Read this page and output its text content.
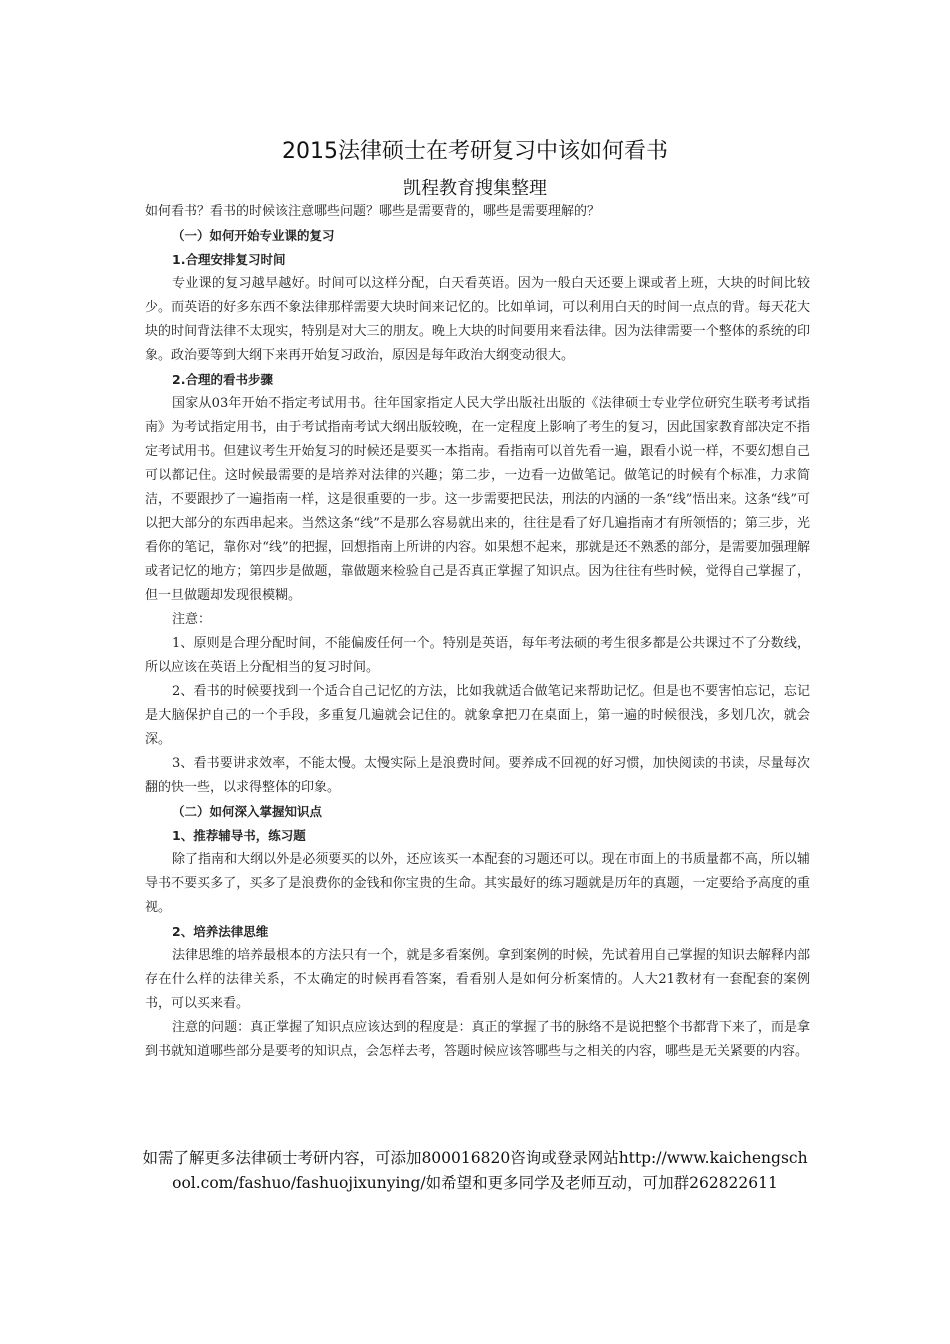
2015法律硕士在考研复习中该如何看书
凯程教育搜集整理

如何看书？看书的时候该注意哪些问题？哪些是需要背的，哪些是需要理解的？

（一）如何开始专业课的复习

1.合理安排复习时间

专业课的复习越早越好。时间可以这样分配，白天看英语。因为一般白天还要上课或者上班，大块的时间比较少。而英语的好多东西不象法律那样需要大块时间来记忆的。比如单词，可以利用白天的时间一点点的背。每天花大块的时间背法律不太现实，特别是对大三的朋友。晚上大块的时间要用来看法律。因为法律需要一个整体的系统的印象。政治要等到大纲下来再开始复习政治，原因是每年政治大纲变动很大。

2.合理的看书步骤

国家从03年开始不指定考试用书。往年国家指定人民大学出版社出版的《法律硕士专业学位研究生联考考试指南》为考试指定用书，由于考试指南考试大纲出版较晚，在一定程度上影响了考生的复习，因此国家教育部决定不指定考试用书。但建议考生开始复习的时候还是要买一本指南。看指南可以首先看一遍，跟看小说一样，不要幻想自己可以都记住。这时候最需要的是培养对法律的兴趣；第二步，一边看一边做笔记。做笔记的时候有个标准，力求简洁，不要跟抄了一遍指南一样，这是很重要的一步。这一步需要把民法，刑法的内涵的一条“线”悟出来。这条“线”可以把大部分的东西串起来。当然这条“线”不是那么容易就出来的，往往是看了好几遍指南才有所领悟的；第三步，光看你的笔记，靠你对“线”的把握，回想指南上所讲的内容。如果想不起来，那就是还不熟悉的部分，是需要加强理解或者记忆的地方；第四步是做题，靠做题来检验自己是否真正掌握了知识点。因为往往有些时候，觉得自己掌握了，但一旦做题却发现很模糊。

注意：

1、原则是合理分配时间，不能偏废任何一个。特别是英语，每年考法硕的考生很多都是公共课过不了分数线，所以应该在英语上分配相当的复习时间。

2、看书的时候要找到一个适合自己记忆的方法，比如我就适合做笔记来帮助记忆。但是也不要害怕忘记，忘记是大脑保护自己的一个手段，多重复几遍就会记住的。就象拿把刀在桌面上，第一遍的时候很浅，多划几次，就会深。

3、看书要讲求效率，不能太慢。太慢实际上是浪费时间。要养成不回视的好习惯，加快阅读的书读，尽量每次翻的快一些，以求得整体的印象。

（二）如何深入掌握知识点

1、推荐辅导书，练习题

除了指南和大纲以外是必须要买的以外，还应该买一本配套的习题还可以。现在市面上的书质量都不高，所以辅导书不要买多了，买多了是浪费你的金钱和你宝贵的生命。其实最好的练习题就是历年的真题，一定要给予高度的重视。

2、培养法律思维

法律思维的培养最根本的方法只有一个，就是多看案例。拿到案例的时候，先试着用自己掌握的知识去解释内部存在什么样的法律关系，不太确定的时候再看答案，看看别人是如何分析案情的。人大21教材有一套配套的案例书，可以买来看。

注意的问题：真正掌握了知识点应该达到的程度是：真正的掌握了书的脉络不是说把整个书都背下来了，而是拿到书就知道哪些部分是要考的知识点，会怎样去考，答题时候应该答哪些与之相关的内容，哪些是无关紧要的内容。

如需了解更多法律硕士考研内容，可添加800016820咨询或登录网站http://www.kaichengschool.com/fashuo/fashuojixunying/如希望和更多同学及老师互动，可加群262822611
